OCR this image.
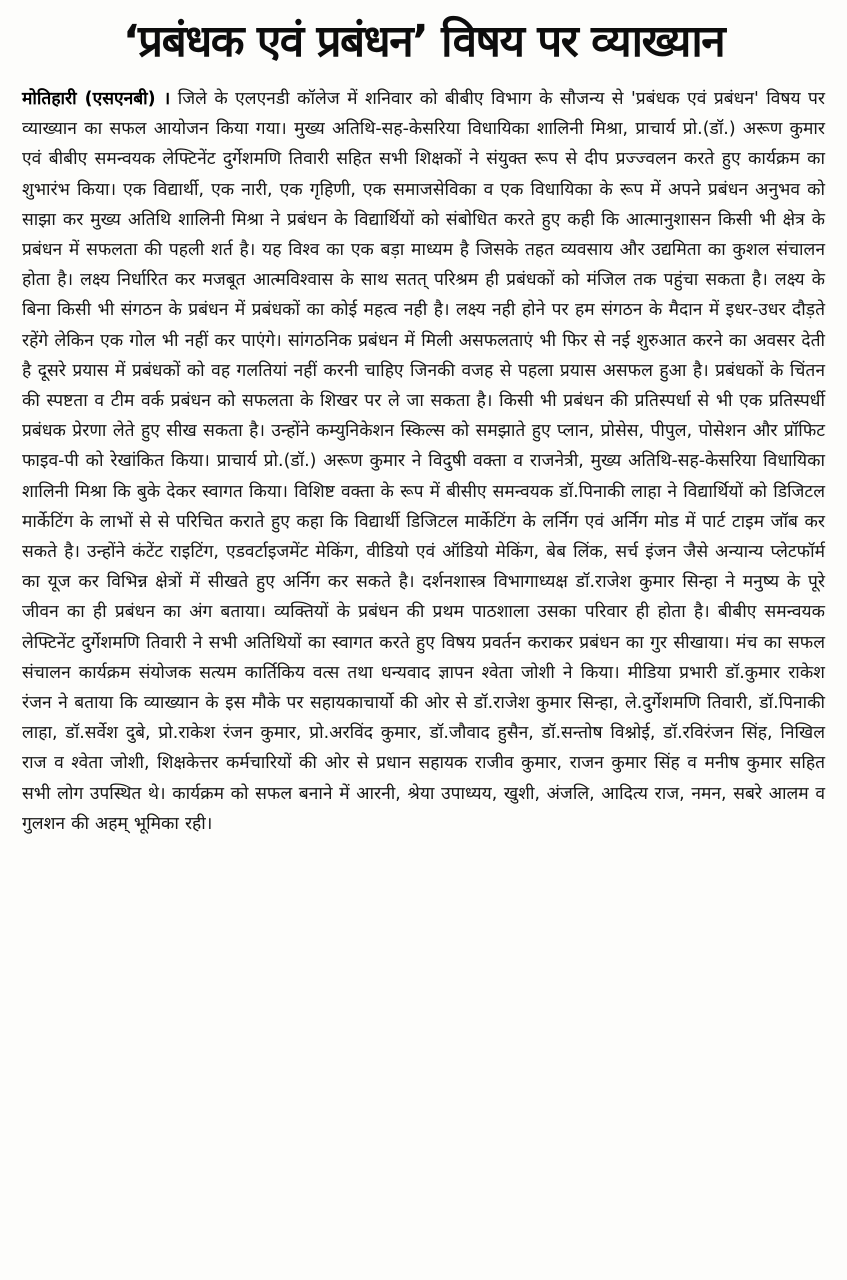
‘प्रबंधक एवं प्रबंधन’ विषय पर व्याख्यान

मोतिहारी (एसएनबी) । जिले के एलएनडी कॉलेज में शनिवार को बीबीए विभाग के सौजन्य से 'प्रबंधक एवं प्रबंधन' विषय पर व्याख्यान का सफल आयोजन किया गया। मुख्य अतिथि-सह-केसरिया विधायिका शालिनी मिश्रा, प्राचार्य प्रो.(डॉ.) अरूण कुमार एवं बीबीए समन्वयक लेफ्टिनेंट दुर्गेशमणि तिवारी सहित सभी शिक्षकों ने संयुक्त रूप से दीप प्रज्ज्वलन करते हुए कार्यक्रम का शुभारंभ किया। एक विद्यार्थी, एक नारी, एक गृहिणी, एक समाजसेविका व एक विधायिका के रूप में अपने प्रबंधन अनुभव को साझा कर मुख्य अतिथि शालिनी मिश्रा ने प्रबंधन के विद्यार्थियों को संबोधित करते हुए कही कि आत्मानुशासन किसी भी क्षेत्र के प्रबंधन में सफलता की पहली शर्त है। यह विश्व का एक बड़ा माध्यम है जिसके तहत व्यवसाय और उद्यमिता का कुशल संचालन होता है। लक्ष्य निर्धारित कर मजबूत आत्मविश्वास के साथ सतत् परिश्रम ही प्रबंधकों को मंजिल तक पहुंचा सकता है। लक्ष्य के बिना किसी भी संगठन के प्रबंधन में प्रबंधकों का कोई महत्व नही है। लक्ष्य नही होने पर हम संगठन के मैदान में इधर-उधर दौड़ते रहेंगे लेकिन एक गोल भी नहीं कर पाएंगे। सांगठनिक प्रबंधन में मिली असफलताएं भी फिर से नई शुरुआत करने का अवसर देती है दूसरे प्रयास में प्रबंधकों को वह गलतियां नहीं करनी चाहिए जिनकी वजह से पहला प्रयास असफल हुआ है। प्रबंधकों के चिंतन की स्पष्टता व टीम वर्क प्रबंधन को सफलता के शिखर पर ले जा सकता है। किसी भी प्रबंधन की प्रतिस्पर्धा से भी एक प्रतिस्पर्धी प्रबंधक प्रेरणा लेते हुए सीख सकता है। उन्होंने कम्युनिकेशन स्किल्स को समझाते हुए प्लान, प्रोसेस, पीपुल, पोसेशन और प्रॉफिट फाइव-पी को रेखांकित किया। प्राचार्य प्रो.(डॉ.) अरूण कुमार ने विदुषी वक्ता व राजनेत्री, मुख्य अतिथि-सह-केसरिया विधायिका शालिनी मिश्रा कि बुके देकर स्वागत किया। विशिष्ट वक्ता के रूप में बीसीए समन्वयक डॉ.पिनाकी लाहा ने विद्यार्थियों को डिजिटल मार्केटिंग के लाभों से से परिचित कराते हुए कहा कि विद्यार्थी डिजिटल मार्केटिंग के लर्निग एवं अर्निग मोड में पार्ट टाइम जॉब कर सकते है। उन्होंने कंटेंट राइटिंग, एडवर्टाइजमेंट मेकिंग, वीडियो एवं ऑडियो मेकिंग, बेब लिंक, सर्च इंजन जैसे अन्यान्य प्लेटफॉर्म का यूज कर विभिन्न क्षेत्रों में सीखते हुए अर्निग कर सकते है। दर्शनशास्त्र विभागाध्यक्ष डॉ.राजेश कुमार सिन्हा ने मनुष्य के पूरे जीवन का ही प्रबंधन का अंग बताया। व्यक्तियों के प्रबंधन की प्रथम पाठशाला उसका परिवार ही होता है। बीबीए समन्वयक लेफ्टिनेंट दुर्गेशमणि तिवारी ने सभी अतिथियों का स्वागत करते हुए विषय प्रवर्तन कराकर प्रबंधन का गुर सीखाया। मंच का सफल संचालन कार्यक्रम संयोजक सत्यम कार्तिकिय वत्स तथा धन्यवाद ज्ञापन श्वेता जोशी ने किया। मीडिया प्रभारी डॉ.कुमार राकेश रंजन ने बताया कि व्याख्यान के इस मौके पर सहायकाचार्यो की ओर से डॉ.राजेश कुमार सिन्हा, ले.दुर्गेशमणि तिवारी, डॉ.पिनाकी लाहा, डॉ.सर्वेश दुबे, प्रो.राकेश रंजन कुमार, प्रो.अरविंद कुमार, डॉ.जौवाद हुसैन, डॉ.सन्तोष विश्नोई, डॉ.रविरंजन सिंह, निखिल राज व श्वेता जोशी, शिक्षकेत्तर कर्मचारियों की ओर से प्रधान सहायक राजीव कुमार, राजन कुमार सिंह व मनीष कुमार सहित सभी लोग उपस्थित थे। कार्यक्रम को सफल बनाने में आरनी, श्रेया उपाध्यय, खुशी, अंजलि, आदित्य राज, नमन, सबरे आलम व गुलशन की अहम् भूमिका रही।
